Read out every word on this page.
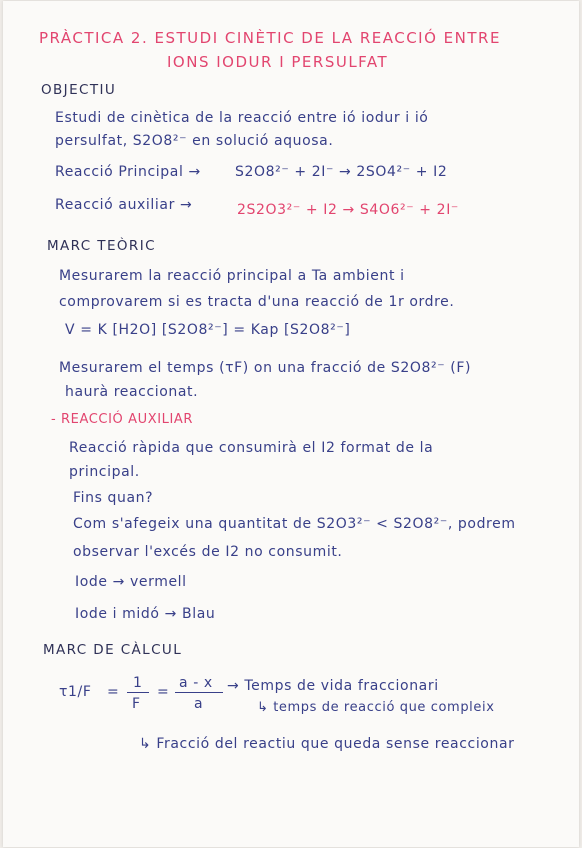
PRÀCTICA 2. ESTUDI CINÈTIC DE LA REACCIÓ ENTRE
IONS IODUR I PERSULFAT
OBJECTIU
Estudi de cinètica de la reacció entre ió iodur i ió
persulfat, S2O8²⁻ en solució aquosa.
Reacció Principal → S2O8²⁻ + 2I⁻ → 2SO4²⁻ + I2
Reacció auxiliar →	2S2O3²⁻ + I2 → S4O6²⁻ + 2I⁻
MARC TEÒRIC
Mesurarem la reacció principal a Ta ambient i
comprovarem si es tracta d'una reacció de 1r ordre.
V = K [H2O] [S2O8²⁻] = Kap [S2O8²⁻]
Mesurarem el temps (τF) on una fracció de S2O8²⁻ (F)
haurà reaccionat.
- REACCIÓ AUXILIAR
Reacció ràpida que consumirà el I2 format de la
principal.
Fins quan?
Com s'afegeix una quantitat de S2O3²⁻ < S2O8²⁻, podrem
observar l'excés de I2 no consumit.
Iode → vermell
Iode i midó → Blau
MARC DE CÀLCUL
τ1/F =
1
F
=
a - x
a
→ Temps de vida fraccionari
↳ temps de reacció que compleix
↳ Fracció del reactiu que queda sense reaccionar
